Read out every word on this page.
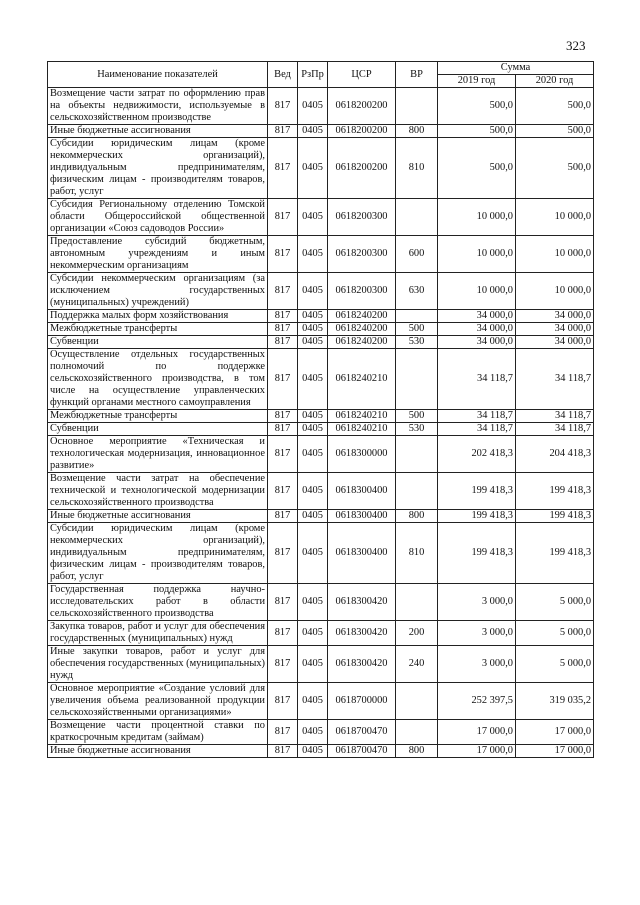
323
Наименование показателей	Вед	РзПр	ЦСР	ВР	Сумма	
					2019 год	2020 год
Возмещение части затрат по оформлению прав на объекты недвижимости, используемые в сельскохозяйственном производстве	817	0405	0618200200		500,0	500,0
Иные бюджетные ассигнования	817	0405	0618200200	800	500,0	500,0
Субсидии юридическим лицам (кроме некоммерческих организаций), индивидуальным предпринимателям, физическим лицам - производителям товаров, работ, услуг	817	0405	0618200200	810	500,0	500,0
Субсидия Региональному отделению Томской области Общероссийской общественной организации «Союз садоводов России»	817	0405	0618200300		10 000,0	10 000,0
Предоставление субсидий бюджетным, автономным учреждениям и иным некоммерческим организациям	817	0405	0618200300	600	10 000,0	10 000,0
Субсидии некоммерческим организациям (за исключением государственных (муниципальных) учреждений)	817	0405	0618200300	630	10 000,0	10 000,0
Поддержка малых форм хозяйствования	817	0405	0618240200		34 000,0	34 000,0
Межбюджетные трансферты	817	0405	0618240200	500	34 000,0	34 000,0
Субвенции	817	0405	0618240200	530	34 000,0	34 000,0
Осуществление отдельных государственных полномочий по поддержке сельскохозяйственного производства, в том числе на осуществление управленческих функций органами местного самоуправления	817	0405	0618240210		34 118,7	34 118,7
Межбюджетные трансферты	817	0405	0618240210	500	34 118,7	34 118,7
Субвенции	817	0405	0618240210	530	34 118,7	34 118,7
Основное мероприятие «Техническая и технологическая модернизация, инновационное развитие»	817	0405	0618300000		202 418,3	204 418,3
Возмещение части затрат на обеспечение технической и технологической модернизации сельскохозяйственного производства	817	0405	0618300400		199 418,3	199 418,3
Иные бюджетные ассигнования	817	0405	0618300400	800	199 418,3	199 418,3
Субсидии юридическим лицам (кроме некоммерческих организаций), индивидуальным предпринимателям, физическим лицам - производителям товаров, работ, услуг	817	0405	0618300400	810	199 418,3	199 418,3
Государственная поддержка научно-исследовательских работ в области сельскохозяйственного производства	817	0405	0618300420		3 000,0	5 000,0
Закупка товаров, работ и услуг для обеспечения государственных (муниципальных) нужд	817	0405	0618300420	200	3 000,0	5 000,0
Иные закупки товаров, работ и услуг для обеспечения государственных (муниципальных) нужд	817	0405	0618300420	240	3 000,0	5 000,0
Основное мероприятие «Создание условий для увеличения объема реализованной продукции сельскохозяйственными организациями»	817	0405	0618700000		252 397,5	319 035,2
Возмещение части процентной ставки по краткосрочным кредитам (займам)	817	0405	0618700470		17 000,0	17 000,0
Иные бюджетные ассигнования	817	0405	0618700470	800	17 000,0	17 000,0
